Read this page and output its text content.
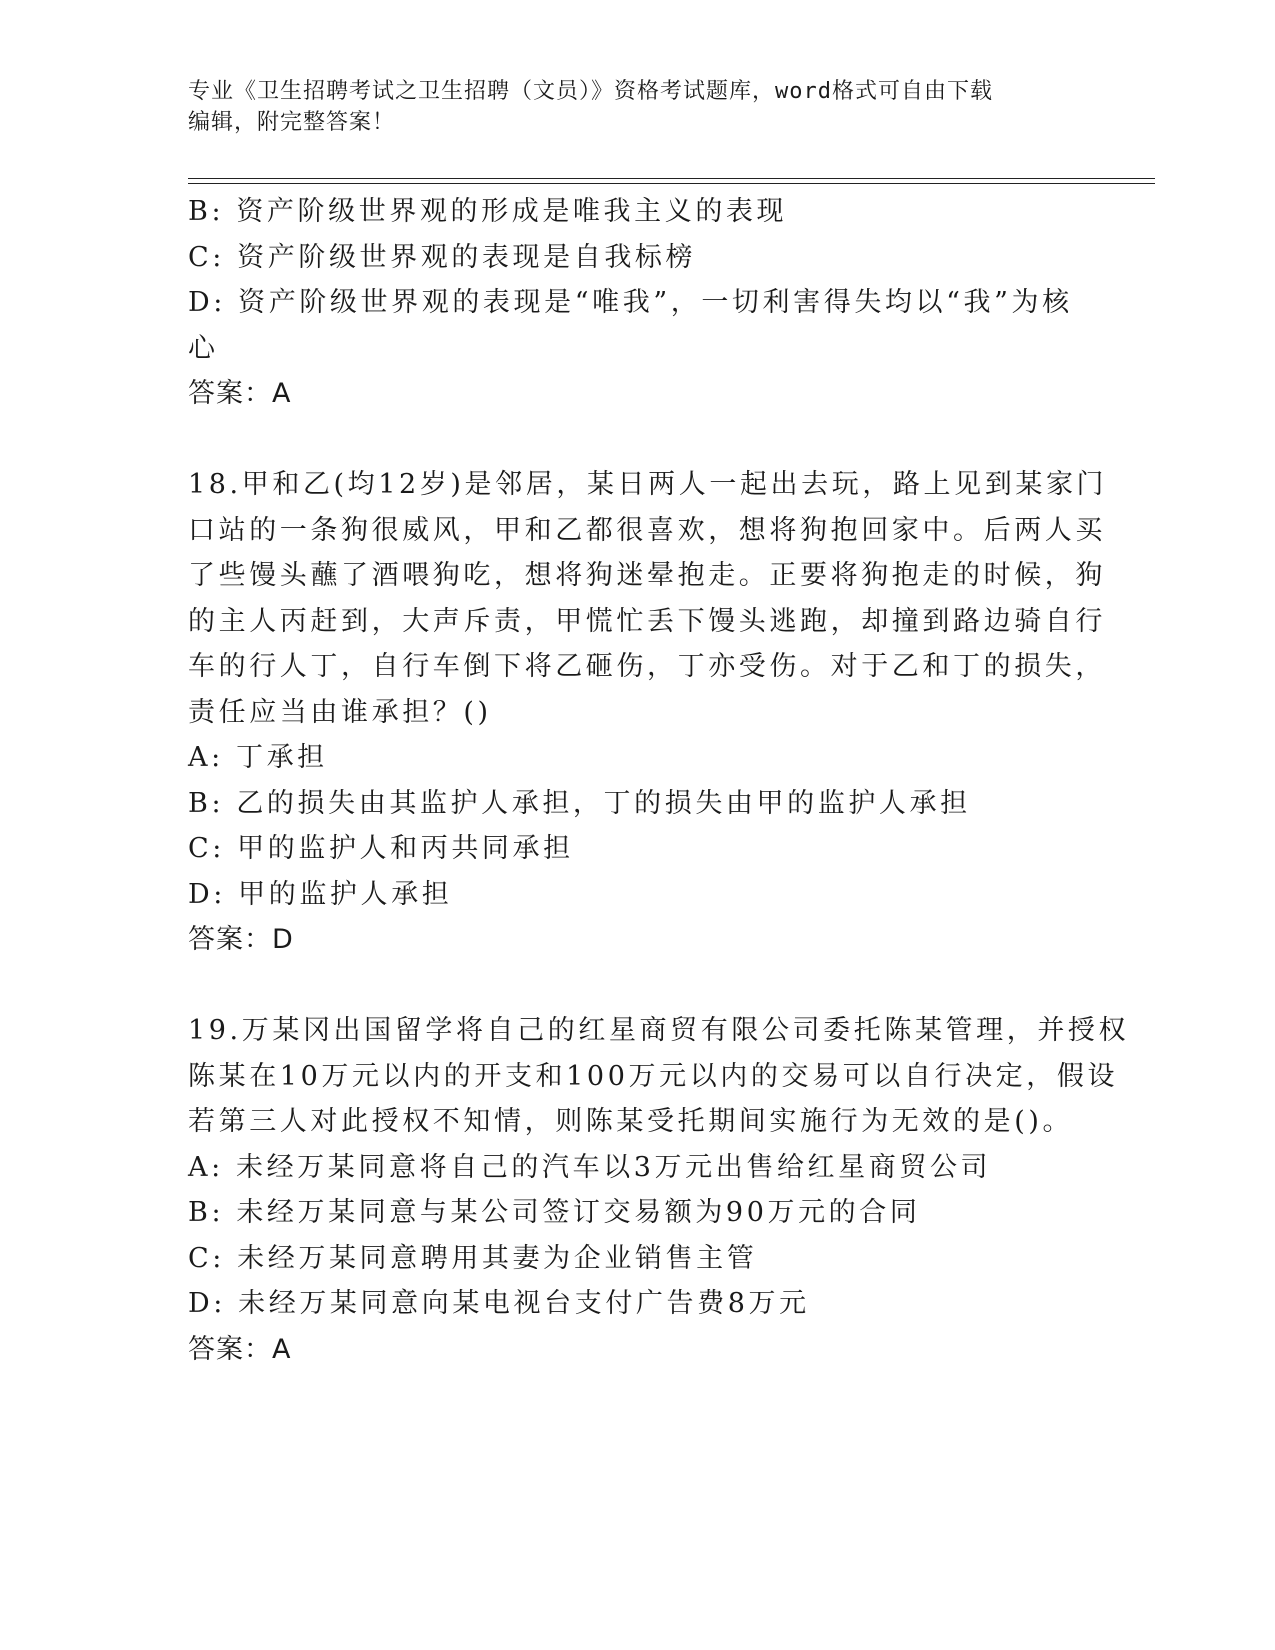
专业《卫生招聘考试之卫生招聘（文员）》资格考试题库，word格式可自由下载
编辑，附完整答案！
B: 资产阶级世界观的形成是唯我主义的表现
C: 资产阶级世界观的表现是自我标榜
D: 资产阶级世界观的表现是“唯我”，一切利害得失均以“我”为核
心
答案：A
18.甲和乙(均12岁)是邻居，某日两人一起出去玩，路上见到某家门
口站的一条狗很威风，甲和乙都很喜欢，想将狗抱回家中。后两人买
了些馒头蘸了酒喂狗吃，想将狗迷晕抱走。正要将狗抱走的时候，狗
的主人丙赶到，大声斥责，甲慌忙丢下馒头逃跑，却撞到路边骑自行
车的行人丁，自行车倒下将乙砸伤，丁亦受伤。对于乙和丁的损失，
责任应当由谁承担？()
A: 丁承担
B: 乙的损失由其监护人承担，丁的损失由甲的监护人承担
C: 甲的监护人和丙共同承担
D: 甲的监护人承担
答案：D
19.万某冈出国留学将自己的红星商贸有限公司委托陈某管理，并授权
陈某在10万元以内的开支和100万元以内的交易可以自行决定，假设
若第三人对此授权不知情，则陈某受托期间实施行为无效的是()。
A: 未经万某同意将自己的汽车以3万元出售给红星商贸公司
B: 未经万某同意与某公司签订交易额为90万元的合同
C: 未经万某同意聘用其妻为企业销售主管
D: 未经万某同意向某电视台支付广告费8万元
答案：A
